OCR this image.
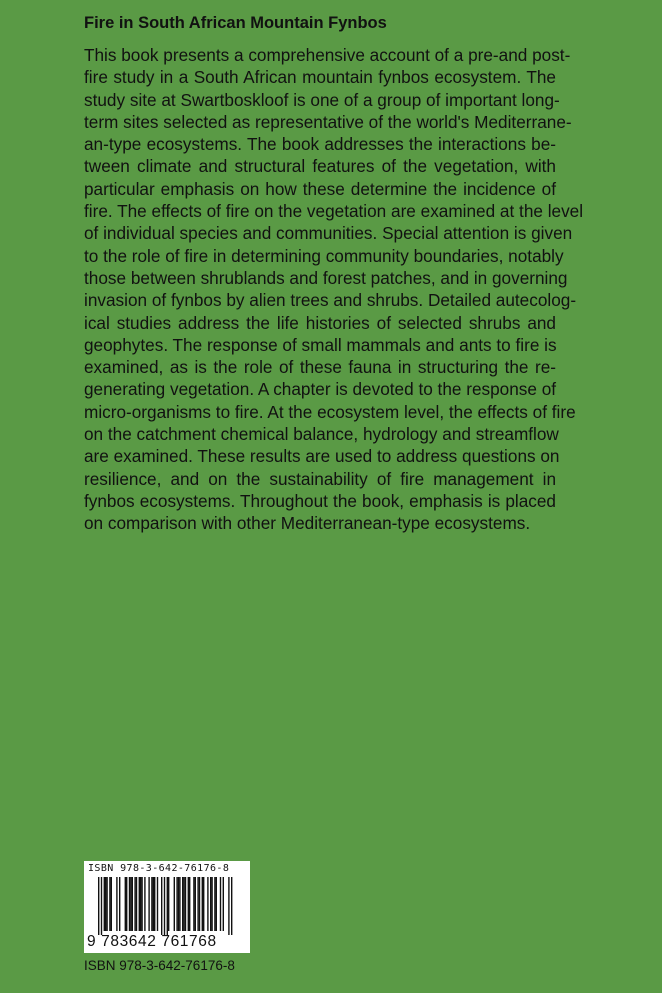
Fire in South African Mountain Fynbos
This book presents a comprehensive account of a pre-and post-
fire study in a South African mountain fynbos ecosystem. The
study site at Swartboskloof is one of a group of important long-
term sites selected as representative of the world's Mediterrane-
an-type ecosystems. The book addresses the interactions be-
tween climate and structural features of the vegetation, with
particular emphasis on how these determine the incidence of
fire. The effects of fire on the vegetation are examined at the level
of individual species and communities. Special attention is given
to the role of fire in determining community boundaries, notably
those between shrublands and forest patches, and in governing
invasion of fynbos by alien trees and shrubs. Detailed autecolog-
ical studies address the life histories of selected shrubs and
geophytes. The response of small mammals and ants to fire is
examined, as is the role of these fauna in structuring the re-
generating vegetation. A chapter is devoted to the response of
micro-organisms to fire. At the ecosystem level, the effects of fire
on the catchment chemical balance, hydrology and streamflow
are examined. These results are used to address questions on
resilience, and on the sustainability of fire management in
fynbos ecosystems. Throughout the book, emphasis is placed
on comparison with other Mediterranean-type ecosystems.
ISBN 978-3-642-76176-8
9 783642 761768
ISBN 978-3-642-76176-8
